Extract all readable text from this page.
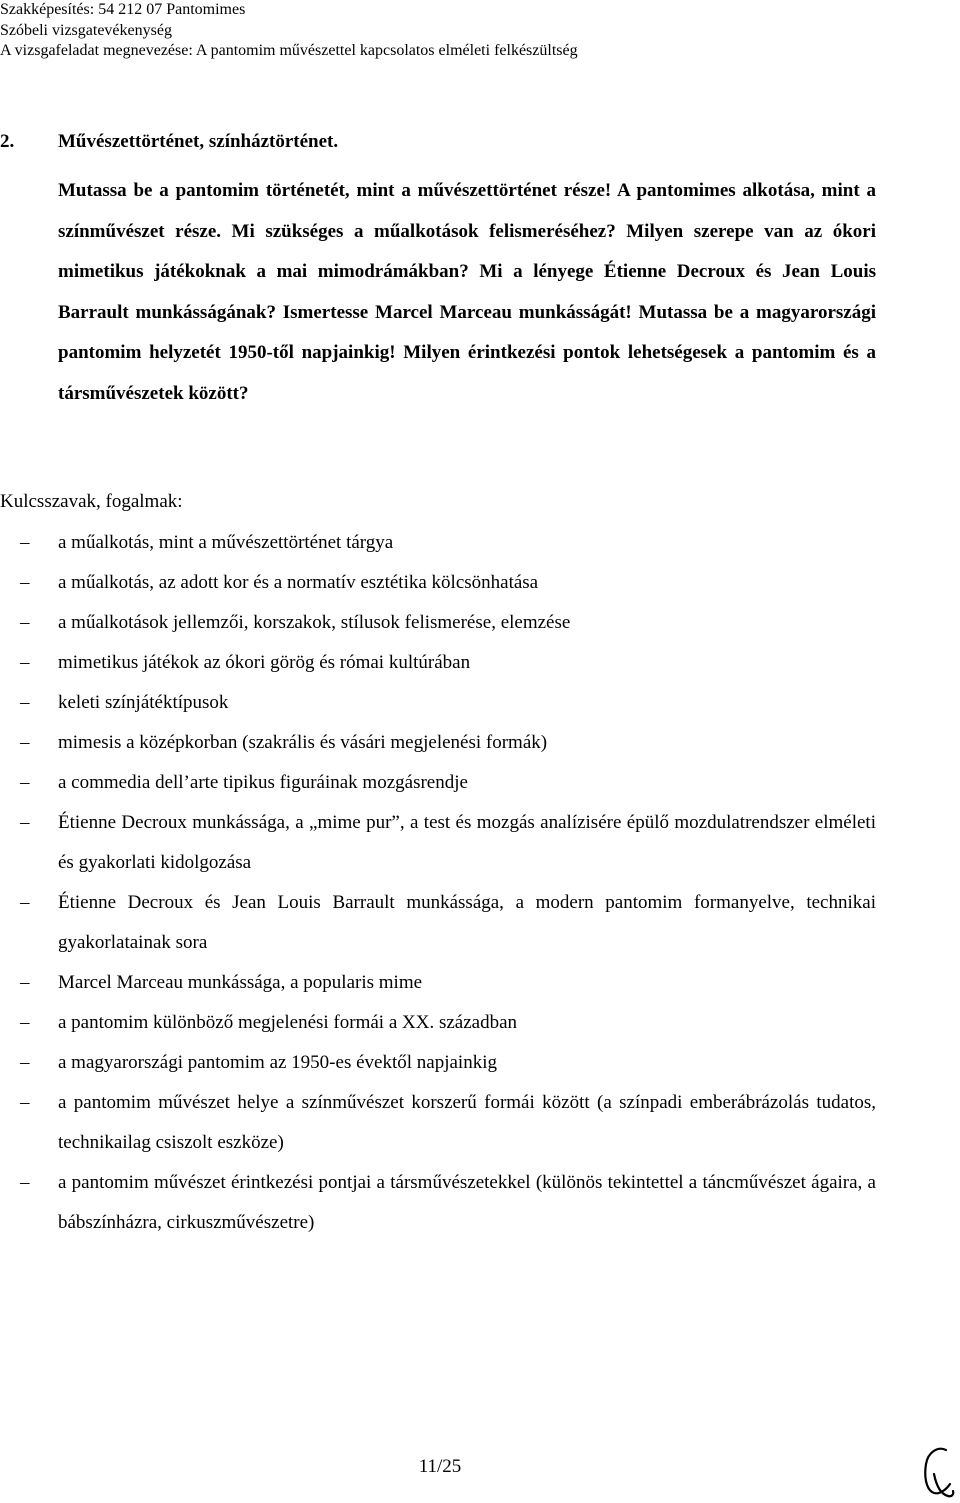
Szakképesítés: 54 212 07 Pantomimes
Szóbeli vizsgatevékenység
A vizsgafeladat megnevezése: A pantomim művészettel kapcsolatos elméleti felkészültség
2. Művészettörténet, színháztörténet.
Mutassa be a pantomim történetét, mint a művészettörténet része! A pantomimes alkotása, mint a színművészet része. Mi szükséges a műalkotások felismeréséhez? Milyen szerepe van az ókori mimetikus játékoknak a mai mimodrámákban? Mi a lényege Étienne Decroux és Jean Louis Barrault munkásságának? Ismertesse Marcel Marceau munkásságát! Mutassa be a magyarországi pantomim helyzetét 1950-től napjainkig! Milyen érintkezési pontok lehetségesek a pantomim és a társművészetek között?
Kulcsszavak, fogalmak:
– a műalkotás, mint a művészettörténet tárgya
– a műalkotás, az adott kor és a normatív esztétika kölcsönhatása
– a műalkotások jellemzői, korszakok, stílusok felismerése, elemzése
– mimetikus játékok az ókori görög és római kultúrában
– keleti színjátéktípusok
– mimesis a középkorban (szakrális és vásári megjelenési formák)
– a commedia dell’arte tipikus figuráinak mozgásrendje
– Étienne Decroux munkássága, a „mime pur”, a test és mozgás analízisére épülő mozdulatrendszer elméleti és gyakorlati kidolgozása
– Étienne Decroux és Jean Louis Barrault munkássága, a modern pantomim formanyelve, technikai gyakorlatainak sora
– Marcel Marceau munkássága, a popularis mime
– a pantomim különböző megjelenési formái a XX. században
– a magyarországi pantomim az 1950-es évektől napjainkig
– a pantomim művészet helye a színművészet korszerű formái között (a színpadi emberábrázolás tudatos, technikailag csiszolt eszköze)
– a pantomim művészet érintkezési pontjai a társművészetekkel (különös tekintettel a táncművészet ágaira, a bábszínházra, cirkuszművészetre)
11/25
